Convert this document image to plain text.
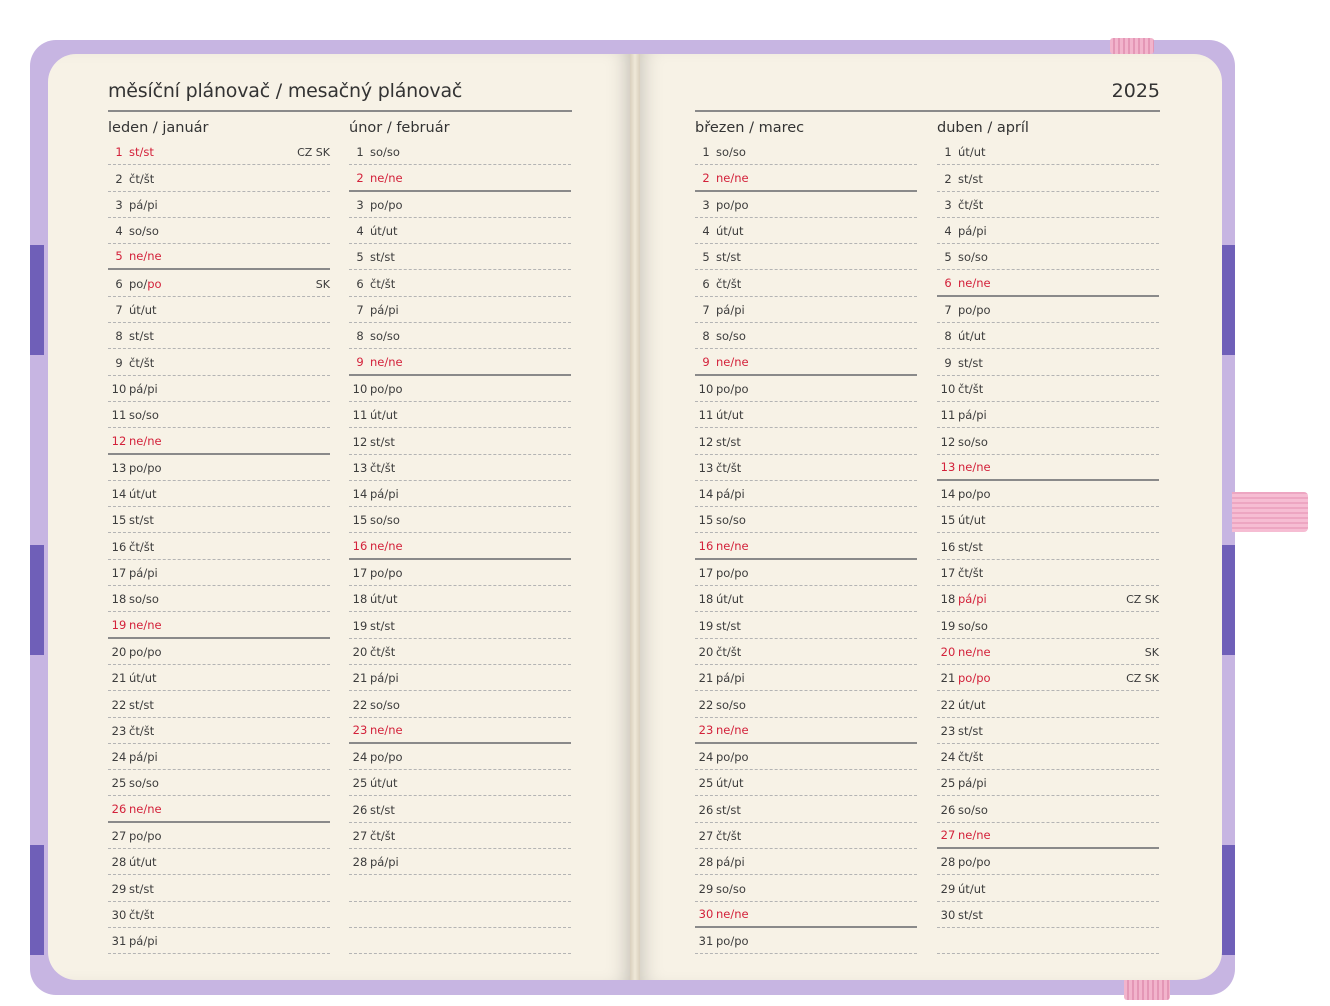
měsíční plánovač / mesačný plánovač	2025
leden / január
1 st/st	CZ SK
2 čt/št
3 pá/pi
4 so/so
5 ne/ne
6 po/po	SK
7 út/ut
8 st/st
9 čt/št
10 pá/pi
11 so/so
12 ne/ne
13 po/po
14 út/ut
15 st/st
16 čt/št
17 pá/pi
18 so/so
19 ne/ne
20 po/po
21 út/ut
22 st/st
23 čt/št
24 pá/pi
25 so/so
26 ne/ne
27 po/po
28 út/ut
29 st/st
30 čt/št
31 pá/pi
únor / február
1 so/so
2 ne/ne
3 po/po
4 út/ut
5 st/st
6 čt/št
7 pá/pi
8 so/so
9 ne/ne
10 po/po
11 út/ut
12 st/st
13 čt/št
14 pá/pi
15 so/so
16 ne/ne
17 po/po
18 út/ut
19 st/st
20 čt/št
21 pá/pi
22 so/so
23 ne/ne
24 po/po
25 út/ut
26 st/st
27 čt/št
28 pá/pi
březen / marec
1 so/so
2 ne/ne
3 po/po
4 út/ut
5 st/st
6 čt/št
7 pá/pi
8 so/so
9 ne/ne
10 po/po
11 út/ut
12 st/st
13 čt/št
14 pá/pi
15 so/so
16 ne/ne
17 po/po
18 út/ut
19 st/st
20 čt/št
21 pá/pi
22 so/so
23 ne/ne
24 po/po
25 út/ut
26 st/st
27 čt/št
28 pá/pi
29 so/so
30 ne/ne
31 po/po
duben / apríl
1 út/ut
2 st/st
3 čt/št
4 pá/pi
5 so/so
6 ne/ne
7 po/po
8 út/ut
9 st/st
10 čt/št
11 pá/pi
12 so/so
13 ne/ne
14 po/po
15 út/ut
16 st/st
17 čt/št
18 pá/pi	CZ SK
19 so/so
20 ne/ne	SK
21 po/po	CZ SK
22 út/ut
23 st/st
24 čt/št
25 pá/pi
26 so/so
27 ne/ne
28 po/po
29 út/ut
30 st/st
